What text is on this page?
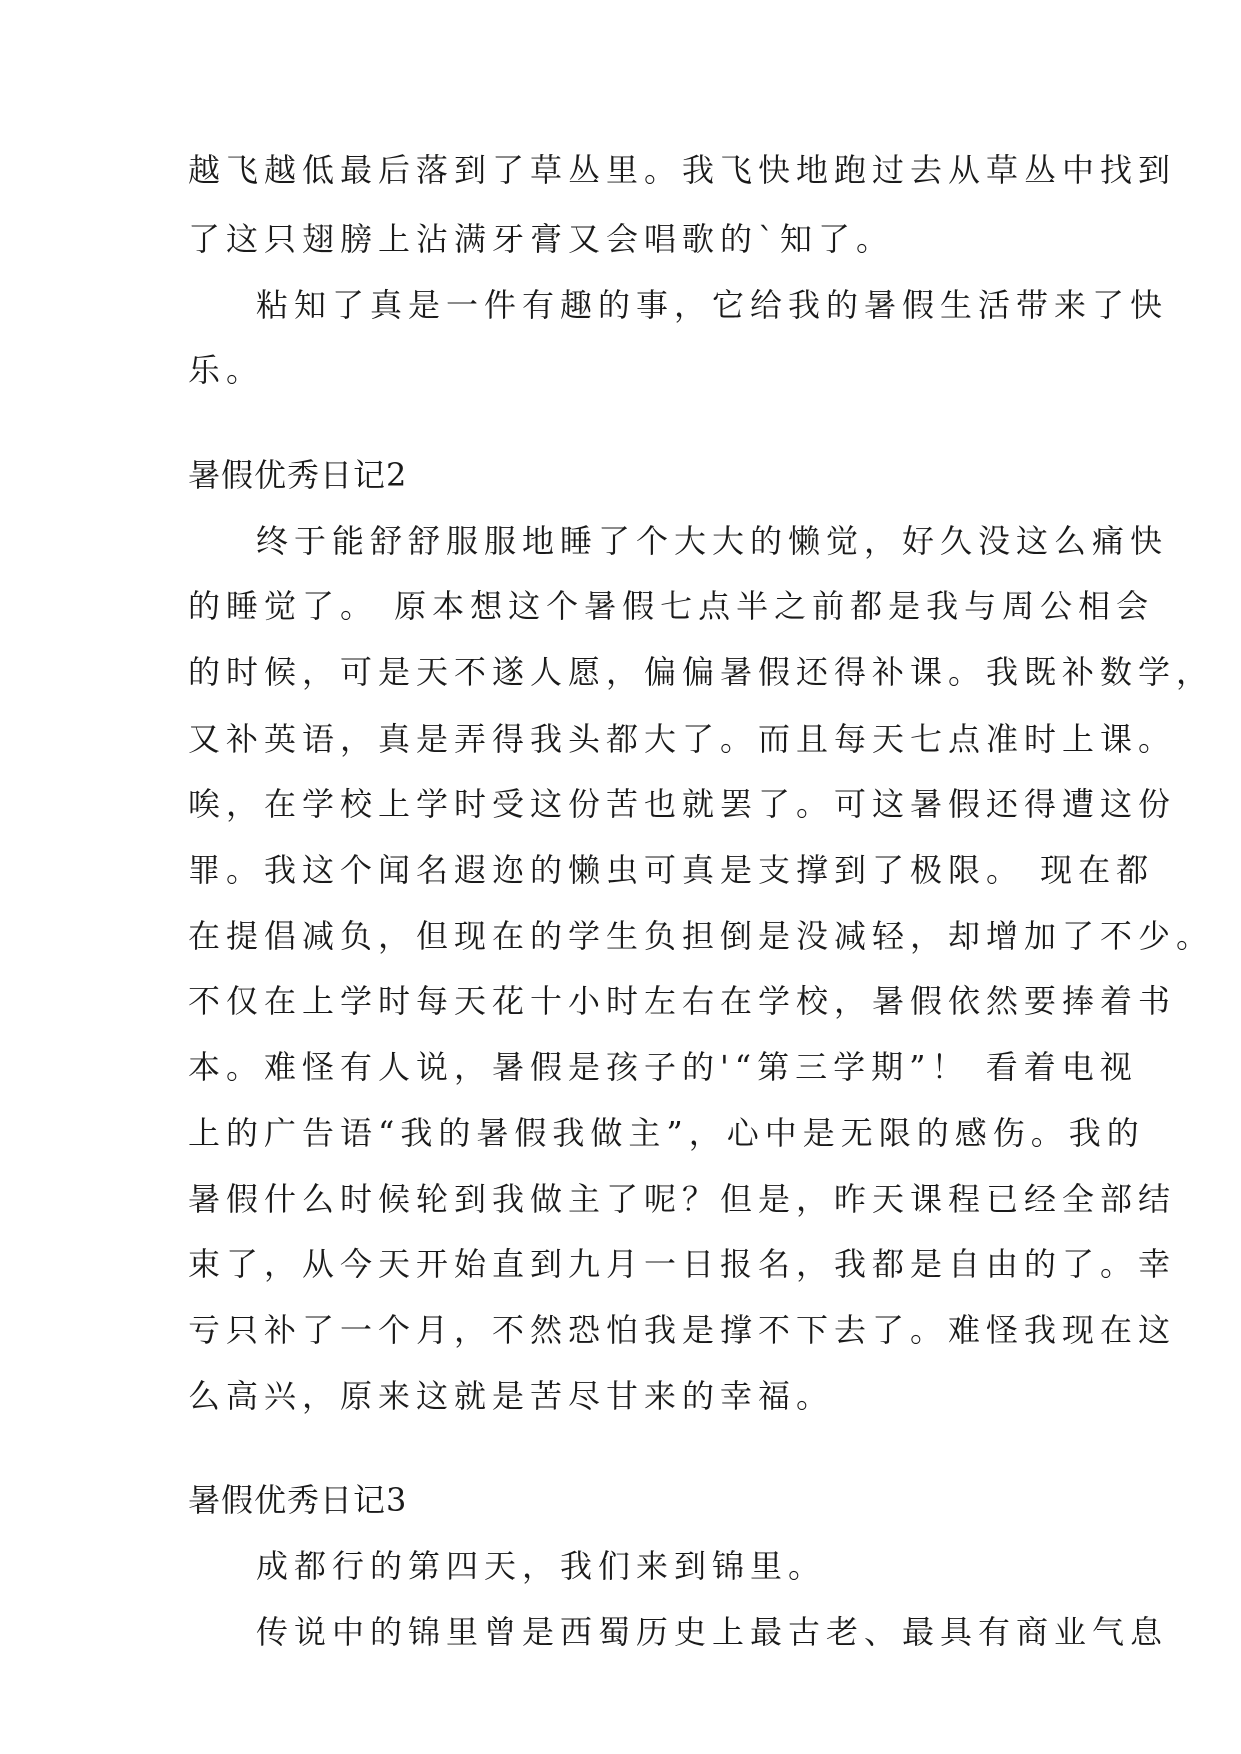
越飞越低最后落到了草丛里。我飞快地跑过去从草丛中找到
了这只翅膀上沾满牙膏又会唱歌的`知了。
粘知了真是一件有趣的事，它给我的暑假生活带来了快
乐。
暑假优秀日记2
终于能舒舒服服地睡了个大大的懒觉，好久没这么痛快
的睡觉了。 原本想这个暑假七点半之前都是我与周公相会
的时候，可是天不遂人愿，偏偏暑假还得补课。我既补数学，
又补英语，真是弄得我头都大了。而且每天七点准时上课。
唉，在学校上学时受这份苦也就罢了。可这暑假还得遭这份
罪。我这个闻名遐迩的懒虫可真是支撑到了极限。 现在都
在提倡减负，但现在的学生负担倒是没减轻，却增加了不少。
不仅在上学时每天花十小时左右在学校，暑假依然要捧着书
本。难怪有人说，暑假是孩子的'“第三学期”！ 看着电视
上的广告语“我的暑假我做主”，心中是无限的感伤。我的
暑假什么时候轮到我做主了呢？但是，昨天课程已经全部结
束了，从今天开始直到九月一日报名，我都是自由的了。幸
亏只补了一个月，不然恐怕我是撑不下去了。难怪我现在这
么高兴，原来这就是苦尽甘来的幸福。
暑假优秀日记3
成都行的第四天，我们来到锦里。
传说中的锦里曾是西蜀历史上最古老、最具有商业气息
